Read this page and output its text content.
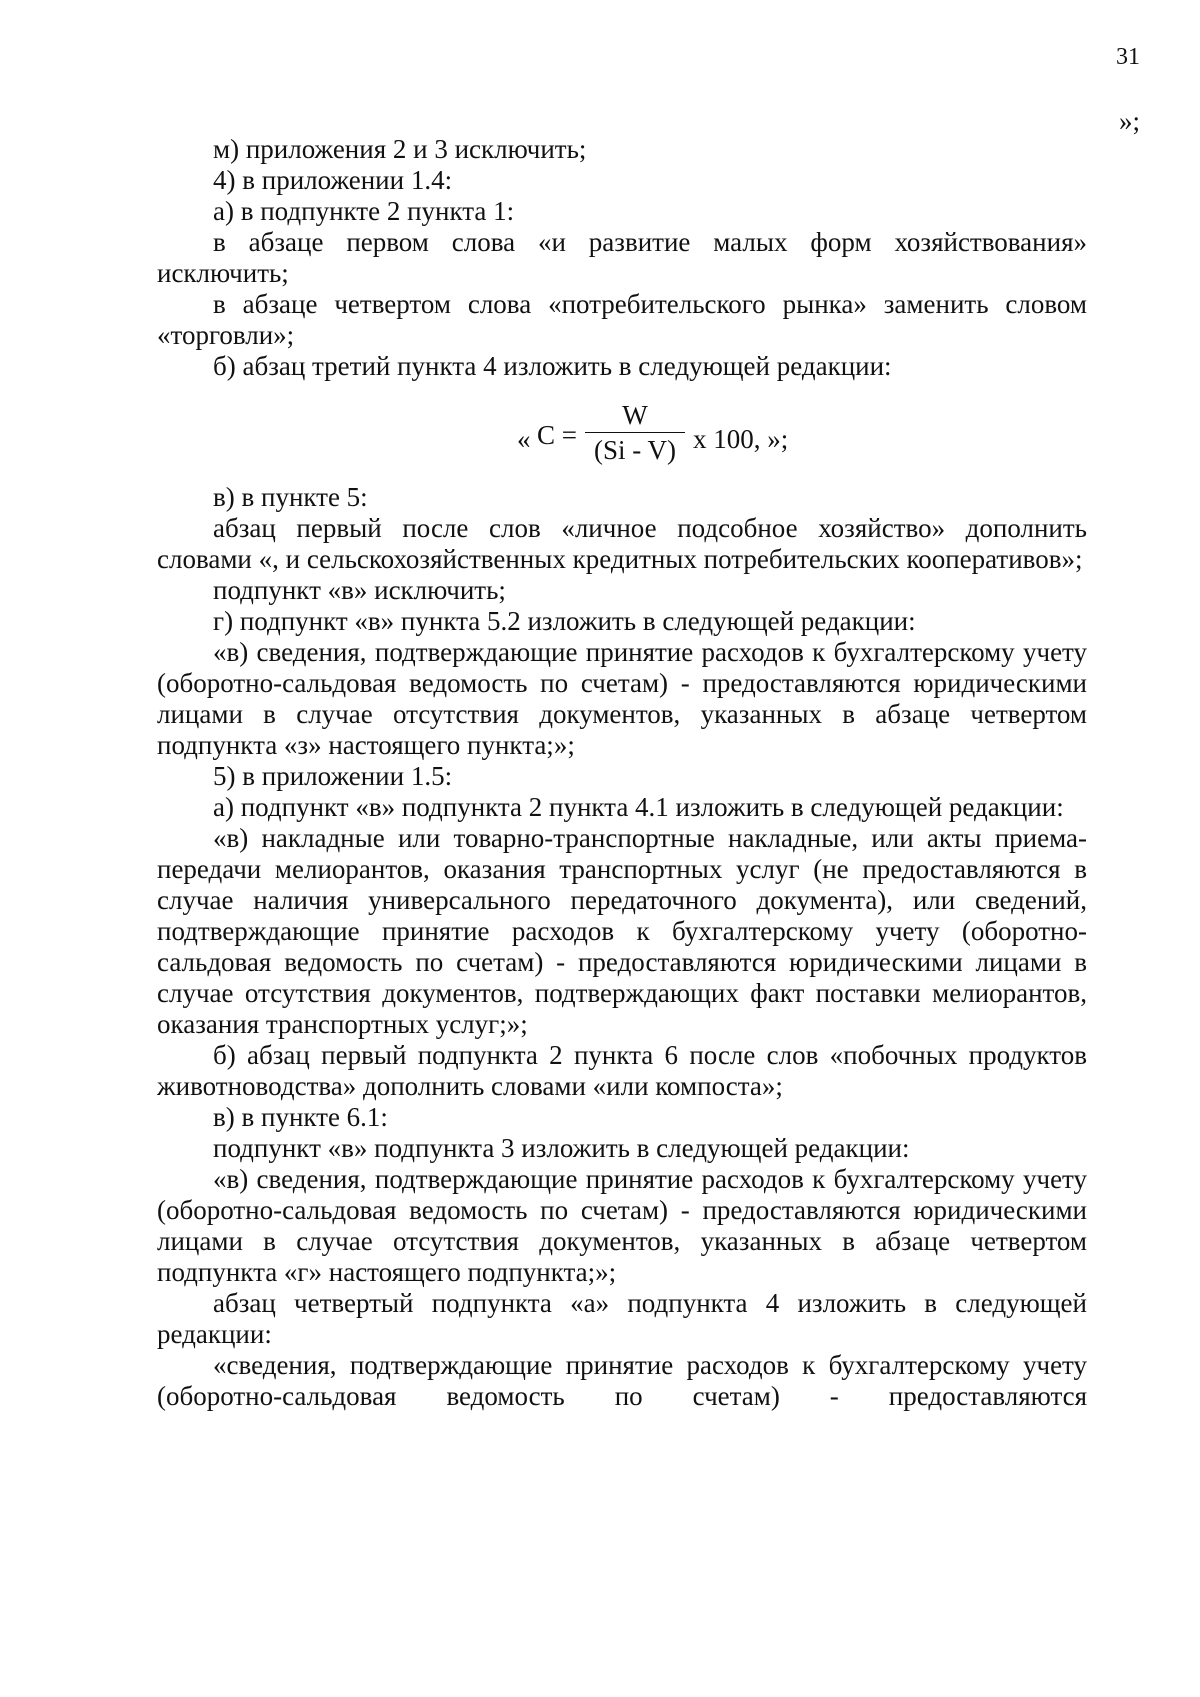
31
»;

м) приложения 2 и 3 исключить;

4) в приложении 1.4:

а) в подпункте 2 пункта 1:

в абзаце первом слова «и развитие малых форм хозяйствования» исключить;

в абзаце четвертом слова «потребительского рынка» заменить словом «торговли»;

б) абзац третий пункта 4 изложить в следующей редакции:

« C =
W
(Si - V) x 100, »;

в) в пункте 5:

абзац первый после слов «личное подсобное хозяйство» дополнить словами «, и сельскохозяйственных кредитных потребительских кооперативов»;

подпункт «в» исключить;

г) подпункт «в» пункта 5.2 изложить в следующей редакции:

«в) сведения, подтверждающие принятие расходов к бухгалтерскому учету (оборотно-сальдовая ведомость по счетам) - предоставляются юридическими лицами в случае отсутствия документов, указанных в абзаце четвертом подпункта «з» настоящего пункта;»;

5) в приложении 1.5:

а) подпункт «в» подпункта 2 пункта 4.1 изложить в следующей редакции:

«в) накладные или товарно-транспортные накладные, или акты приема-передачи мелиорантов, оказания транспортных услуг (не предоставляются в случае наличия универсального передаточного документа), или сведений, подтверждающие принятие расходов к бухгалтерскому учету (оборотно-сальдовая ведомость по счетам) - предоставляются юридическими лицами в случае отсутствия документов, подтверждающих факт поставки мелиорантов, оказания транспортных услуг;»;

б) абзац первый подпункта 2 пункта 6 после слов «побочных продуктов животноводства» дополнить словами «или компоста»;

в) в пункте 6.1:

подпункт «в» подпункта 3 изложить в следующей редакции:

«в) сведения, подтверждающие принятие расходов к бухгалтерскому учету (оборотно-сальдовая ведомость по счетам) - предоставляются юридическими лицами в случае отсутствия документов, указанных в абзаце четвертом подпункта «г» настоящего подпункта;»;

абзац четвертый подпункта «а» подпункта 4 изложить в следующей редакции:

«сведения, подтверждающие принятие расходов к бухгалтерскому учету (оборотно-сальдовая ведомость по счетам) - предоставляются
